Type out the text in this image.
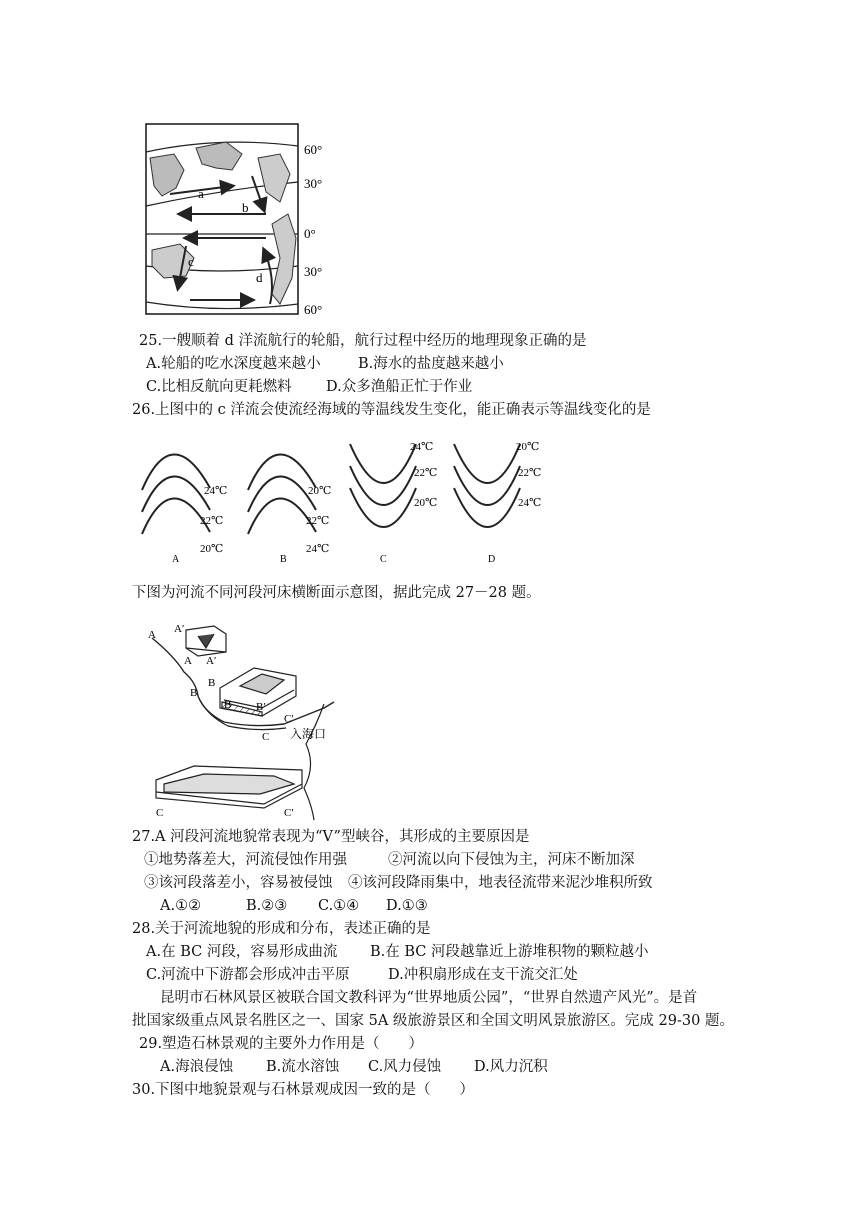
a
b
c
d
60°
30°
0°
30°
60°
25.一艘顺着 d 洋流航行的轮船，航行过程中经历的地理现象正确的是
A.轮船的吃水深度越来越小	B.海水的盐度越来越小
C.比相反航向更耗燃料 D.众多渔船正忙于作业
26.上图中的 c 洋流会使流经海域的等温线发生变化，能正确表示等温线变化的是
24℃
22℃
20℃
A
20℃
22℃
24℃
B
24℃
22℃
20℃
C
20℃
22℃
24℃
D
下图为河流不同河段河床横断面示意图，据此完成 27－28 题。
A A′
A A′
B
B
B B′
C′
C 入海口
C	C′
27.A 河段河流地貌常表现为“V”型峡谷，其形成的主要原因是
①地势落差大，河流侵蚀作用强	②河流以向下侵蚀为主，河床不断加深
③该河段落差小，容易被侵蚀 ④该河段降雨集中，地表径流带来泥沙堆积所致
A.①②	B.②③ C.①④ D.①③
28.关于河流地貌的形成和分布，表述正确的是
A.在 BC 河段，容易形成曲流 B.在 BC 河段越靠近上游堆积物的颗粒越小
C.河流中下游都会形成冲击平原	D.冲积扇形成在支干流交汇处
昆明市石林风景区被联合国文教科评为“世界地质公园”，“世界自然遗产风光”。是首
批国家级重点风景名胜区之一、国家 5A 级旅游景区和全国文明风景旅游区。完成 29-30 题。
29.塑造石林景观的主要外力作用是（　　）
A.海浪侵蚀 B.流水溶蚀 C.风力侵蚀 D.风力沉积
30.下图中地貌景观与石林景观成因一致的是（　　）
